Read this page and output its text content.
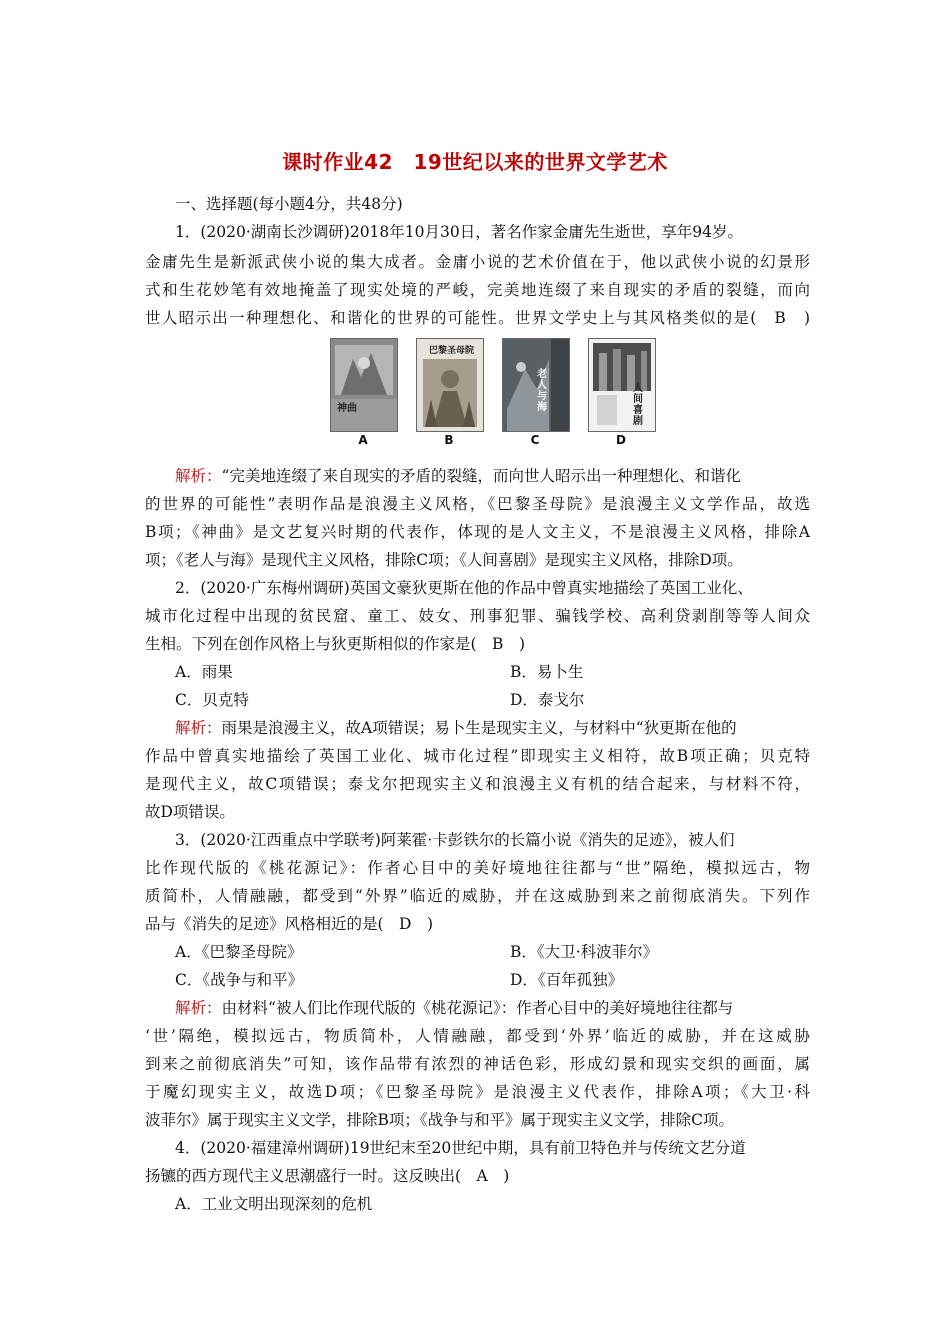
课时作业42　19世纪以来的世界文学艺术
一、选择题(每小题4分，共48分)
1．(2020·湖南长沙调研)2018年10月30日，著名作家金庸先生逝世，享年94岁。
金庸先生是新派武侠小说的集大成者。金庸小说的艺术价值在于，他以武侠小说的幻景形
式和生花妙笔有效地掩盖了现实处境的严峻，完美地连缀了来自现实的矛盾的裂缝，而向
世人昭示出一种理想化、和谐化的世界的可能性。世界文学史上与其风格类似的是(　B　)
神曲
A
巴黎圣母院
B
老人与海
C
人间喜剧
D
解析：“完美地连缀了来自现实的矛盾的裂缝，而向世人昭示出一种理想化、和谐化
的世界的可能性”表明作品是浪漫主义风格，《巴黎圣母院》是浪漫主义文学作品，故选
B项；《神曲》是文艺复兴时期的代表作，体现的是人文主义，不是浪漫主义风格，排除A
项；《老人与海》是现代主义风格，排除C项；《人间喜剧》是现实主义风格，排除D项。
2．(2020·广东梅州调研)英国文豪狄更斯在他的作品中曾真实地描绘了英国工业化、
城市化过程中出现的贫民窟、童工、妓女、刑事犯罪、骗钱学校、高利贷剥削等等人间众
生相。下列在创作风格上与狄更斯相似的作家是(　B　)
A．雨果	B．易卜生
C．贝克特	D．泰戈尔
解析：雨果是浪漫主义，故A项错误；易卜生是现实主义，与材料中“狄更斯在他的
作品中曾真实地描绘了英国工业化、城市化过程”即现实主义相符，故B项正确；贝克特
是现代主义，故C项错误；泰戈尔把现实主义和浪漫主义有机的结合起来，与材料不符，
故D项错误。
3．(2020·江西重点中学联考)阿莱霍·卡彭铁尔的长篇小说《消失的足迹》，被人们
比作现代版的《桃花源记》：作者心目中的美好境地往往都与“世”隔绝，模拟远古，物
质简朴，人情融融，都受到“外界”临近的威胁，并在这威胁到来之前彻底消失。下列作
品与《消失的足迹》风格相近的是(　D　)
A．《巴黎圣母院》	B．《大卫·科波菲尔》
C．《战争与和平》	D．《百年孤独》
解析：由材料“被人们比作现代版的《桃花源记》：作者心目中的美好境地往往都与
‘世’隔绝，模拟远古，物质简朴，人情融融，都受到‘外界’临近的威胁，并在这威胁
到来之前彻底消失”可知，该作品带有浓烈的神话色彩，形成幻景和现实交织的画面，属
于魔幻现实主义，故选D项；《巴黎圣母院》是浪漫主义代表作，排除A项；《大卫·科
波菲尔》属于现实主义文学，排除B项；《战争与和平》属于现实主义文学，排除C项。
4．(2020·福建漳州调研)19世纪末至20世纪中期，具有前卫特色并与传统文艺分道
扬镳的西方现代主义思潮盛行一时。这反映出(　A　)
A．工业文明出现深刻的危机
